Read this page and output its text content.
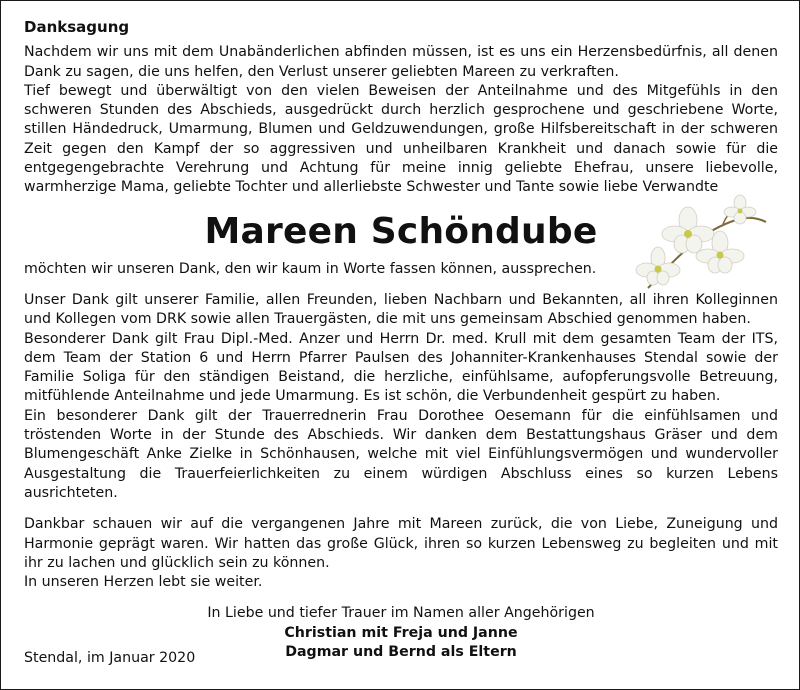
Danksagung

Nachdem wir uns mit dem Unabänderlichen abfinden müssen, ist es uns ein Herzensbedürfnis, all denen Dank zu sagen, die uns helfen, den Verlust unserer geliebten Mareen zu verkraften.

Tief bewegt und überwältigt von den vielen Beweisen der Anteilnahme und des Mitgefühls in den schweren Stunden des Abschieds, ausgedrückt durch herzlich gesprochene und geschriebene Worte, stillen Händedruck, Umarmung, Blumen und Geldzuwendungen, große Hilfsbereitschaft in der schweren Zeit gegen den Kampf der so aggressiven und unheilbaren Krankheit und danach sowie für die entgegengebrachte Verehrung und Achtung für meine innig geliebte Ehefrau, unsere liebevolle, warmherzige Mama, geliebte Tochter und allerliebste Schwester und Tante sowie liebe Verwandte

Mareen Schöndube

möchten wir unseren Dank, den wir kaum in Worte fassen können, aussprechen.

Unser Dank gilt unserer Familie, allen Freunden, lieben Nachbarn und Bekannten, all ihren Kolleginnen und Kollegen vom DRK sowie allen Trauergästen, die mit uns gemeinsam Abschied genommen haben.

Besonderer Dank gilt Frau Dipl.-Med. Anzer und Herrn Dr. med. Krull mit dem gesamten Team der ITS, dem Team der Station 6 und Herrn Pfarrer Paulsen des Johanniter-Krankenhauses Stendal sowie der Familie Soliga für den ständigen Beistand, die herzliche, einfühlsame, aufopferungsvolle Betreuung, mitfühlende Anteilnahme und jede Umarmung. Es ist schön, die Verbundenheit gespürt zu haben.

Ein besonderer Dank gilt der Trauerrednerin Frau Dorothee Oesemann für die einfühlsamen und tröstenden Worte in der Stunde des Abschieds. Wir danken dem Bestattungshaus Gräser und dem Blumengeschäft Anke Zielke in Schönhausen, welche mit viel Einfühlungsvermögen und wundervoller Ausgestaltung die Trauerfeierlichkeiten zu einem würdigen Abschluss eines so kurzen Lebens ausrichteten.

Dankbar schauen wir auf die vergangenen Jahre mit Mareen zurück, die von Liebe, Zuneigung und Harmonie geprägt waren. Wir hatten das große Glück, ihren so kurzen Lebensweg zu begleiten und mit ihr zu lachen und glücklich sein zu können.

In unseren Herzen lebt sie weiter.

In Liebe und tiefer Trauer im Namen aller Angehörigen
Christian mit Freja und Janne
Dagmar und Bernd als Eltern
Stendal, im Januar 2020
